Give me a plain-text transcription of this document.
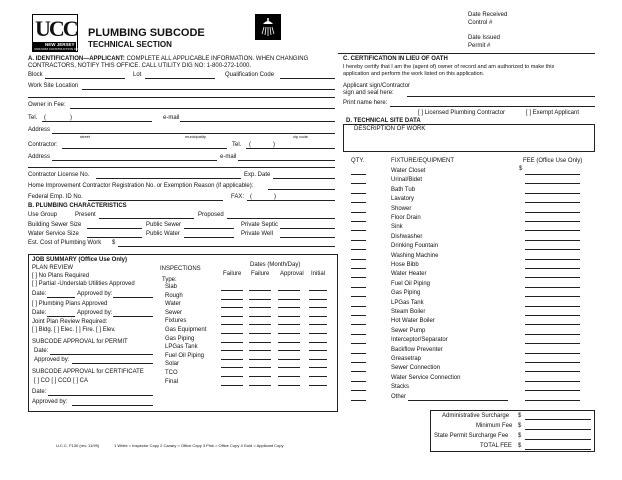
UCC
NEW JERSEY
UNIFORM CONSTRUCTION CODE
PLUMBING SUBCODE
TECHNICAL SECTION
Date Received
Control #
Date Issued
Permit #
A. IDENTIFICATION—APPLICANT: COMPLETE ALL APPLICABLE INFORMATION. WHEN CHANGING
CONTRACTORS, NOTIFY THIS OFFICE. CALL UTILITY DIG NO: 1-800-272-1000.
Block	Lot	Qualification Code
Work Site Location
Owner in Fee:
Tel. (	)	e-mail
Address
street	municipality	zip code
Contractor:	Tel. (	)
Address	e-mail
Contractor License No.	Exp. Date
Home Improvement Contractor Registration No. or Exemption Reason (if applicable):
Federal Emp. ID No.	FAX: (	)
B. PLUMBING CHARACTERISTICS
Use Group	Present	Proposed
Building Sewer Size	Public Sewer	Private Septic
Water Service Size	Public Water	Private Well
Est. Cost of Plumbing Work $
JOB SUMMARY (Office Use Only)
PLAN REVIEW
[ ] No Plans Required
[ ] Partial -Underslab Utilities Approved
Date:	Approved by:
[ ] Plumbing Plans Approved
Date:	Approved by:
Joint Plan Review Required:
[ ] Bldg. [ ] Elec. [ ] Fire. [ ] Elev.
SUBCODE APPROVAL for PERMIT
Date:
Approved by:
SUBCODE APPROVAL for CERTIFICATE
[ ] CO [ ] CCO [ ] CA
Date:
Approved by:
INSPECTIONS
Dates (Month/Day)
Type:
Failure Failure Approval Initial
Slab
Rough
Water
Sewer
Fixtures
Gas Equipment
Gas Piping
LPGas Tank
Fuel Oil Piping
Solar
TCO
Final
C. CERTIFICATION IN LIEU OF OATH
I hereby certify that I am the (agent of) owner of record and am authorized to make this
application and perform the work listed on this application.
Applicant sign/Contractor
sign and seal here:
Print name here:
[ ] Licensed Plumbing Contractor	[ ] Exempt Applicant
D. TECHNICAL SITE DATA
DESCRIPTION OF WORK
QTY.	FIXTURE/EQUIPMENT	FEE (Office Use Only)
$
Water Closet
Urinal/Bidet
Bath Tub
Lavatory
Shower
Floor Drain
Sink
Dishwasher
Drinking Fountain
Washing Machine
Hose Bibb
Water Heater
Fuel Oil Piping
Gas Piping
LPGas Tank
Steam Boiler
Hot Water Boiler
Sewer Pump
Interceptor/Separator
Backflow Preventer
Greasetrap
Sewer Connection
Water Service Connection
Stacks
Other
Administrative Surcharge $
Minimum Fee $
State Permit Surcharge Fee $
TOTAL FEE $
U.C.C. F130 (rev. 11/99)	1 White = Inspector Copy 2 Canary = Office Copy 3 Pink = Office Copy 4 Gold = Applicant Copy
